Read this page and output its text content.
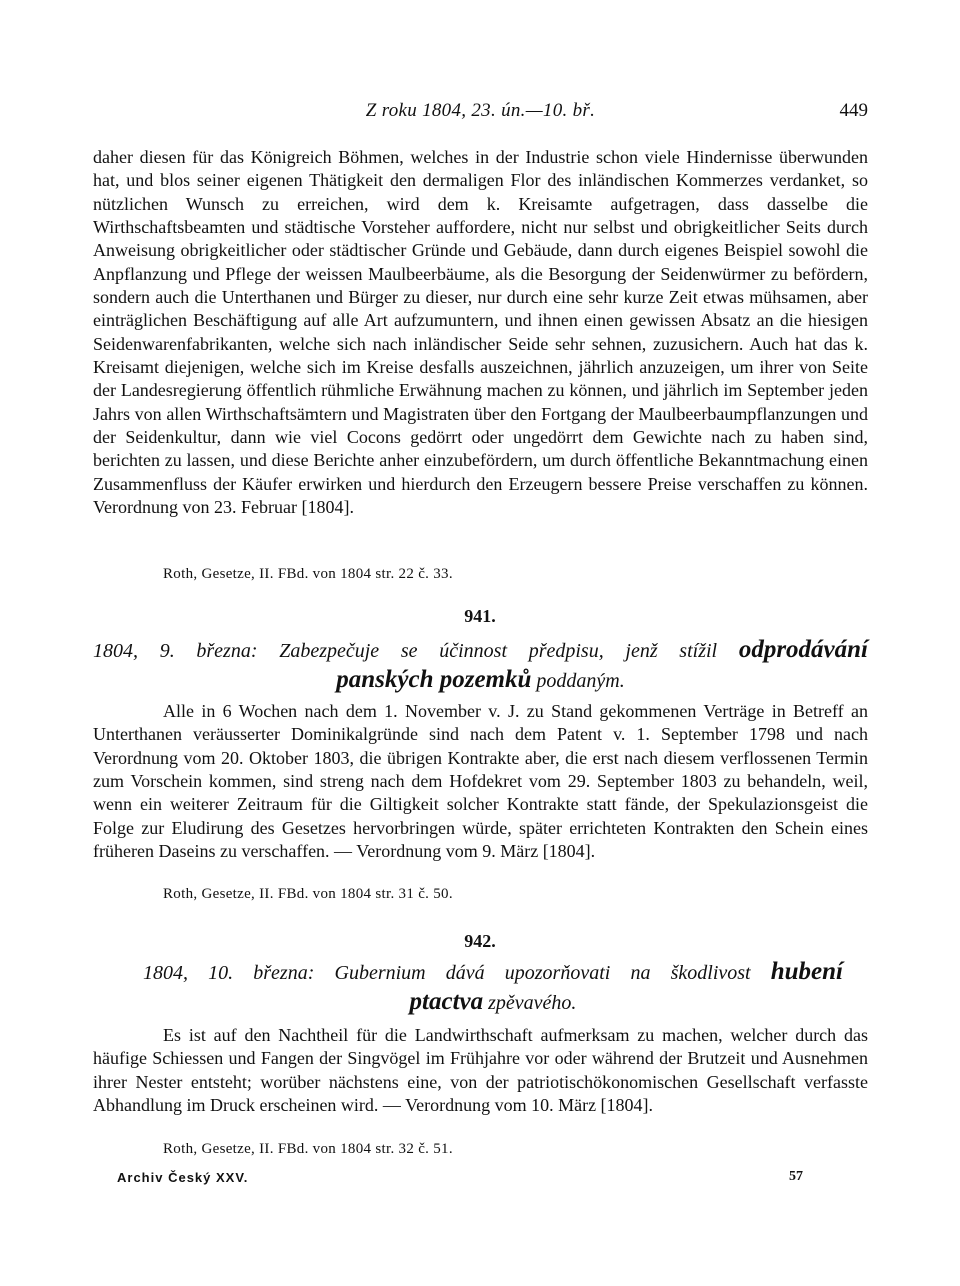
Z roku 1804, 23. ún.—10. bř.	449

daher diesen für das Königreich Böhmen, welches in der Industrie schon viele Hindernisse überwunden hat, und blos seiner eigenen Thätigkeit den dermaligen Flor des inländischen Kommerzes verdanket, so nützlichen Wunsch zu erreichen, wird dem k. Kreisamte aufgetragen, dass dasselbe die Wirthschaftsbeamten und städtische Vorsteher auffordere, nicht nur selbst und obrigkeitlicher Seits durch Anweisung obrigkeitlicher oder städtischer Gründe und Gebäude, dann durch eigenes Beispiel sowohl die Anpflanzung und Pflege der weissen Maulbeerbäume, als die Besorgung der Seidenwürmer zu befördern, sondern auch die Unterthanen und Bürger zu dieser, nur durch eine sehr kurze Zeit etwas mühsamen, aber einträglichen Beschäftigung auf alle Art aufzumuntern, und ihnen einen gewissen Absatz an die hiesigen Seidenwarenfabrikanten, welche sich nach inländischer Seide sehr sehnen, zuzusichern. Auch hat das k. Kreisamt diejenigen, welche sich im Kreise desfalls auszeichnen, jährlich anzuzeigen, um ihrer von Seite der Landesregierung öffentlich rühmliche Erwähnung machen zu können, und jährlich im September jeden Jahrs von allen Wirthschaftsämtern und Magistraten über den Fortgang der Maulbeerbaumpflanzungen und der Seidenkultur, dann wie viel Cocons gedörrt oder ungedörrt dem Gewichte nach zu haben sind, berichten zu lassen, und diese Berichte anher einzubefördern, um durch öffentliche Bekanntmachung einen Zusammenfluss der Käufer erwirken und hierdurch den Erzeugern bessere Preise verschaffen zu können. Verordnung von 23. Februar [1804].

Roth, Gesetze, II. FBd. von 1804 str. 22 č. 33.
941.
1804, 9. března: Zabezpečuje se účinnost předpisu, jenž stížil odprodávání
panských pozemků poddaným.

Alle in 6 Wochen nach dem 1. November v. J. zu Stand gekommenen Verträge in Betreff an Unterthanen veräusserter Dominikalgründe sind nach dem Patent v. 1. September 1798 und nach Verordnung vom 20. Oktober 1803, die übrigen Kontrakte aber, die erst nach diesem verflossenen Termin zum Vorschein kommen, sind streng nach dem Hofdekret vom 29. September 1803 zu behandeln, weil, wenn ein weiterer Zeitraum für die Giltigkeit solcher Kontrakte statt fände, der Spekulazionsgeist die Folge zur Eludirung des Gesetzes hervorbringen würde, später errichteten Kontrakten den Schein eines früheren Daseins zu verschaffen. — Verordnung vom 9. März [1804].

Roth, Gesetze, II. FBd. von 1804 str. 31 č. 50.
942.
1804, 10. března: Gubernium dává upozorňovati na škodlivost hubení
ptactva zpěvavého.

Es ist auf den Nachtheil für die Landwirthschaft aufmerksam zu machen, welcher durch das häufige Schiessen und Fangen der Singvögel im Frühjahre vor oder während der Brutzeit und Ausnehmen ihrer Nester entsteht; worüber nächstens eine, von der patriotischökonomischen Gesellschaft verfasste Abhandlung im Druck erscheinen wird. — Verordnung vom 10. März [1804].

Roth, Gesetze, II. FBd. von 1804 str. 32 č. 51.
Archiv Český XXV.	57
